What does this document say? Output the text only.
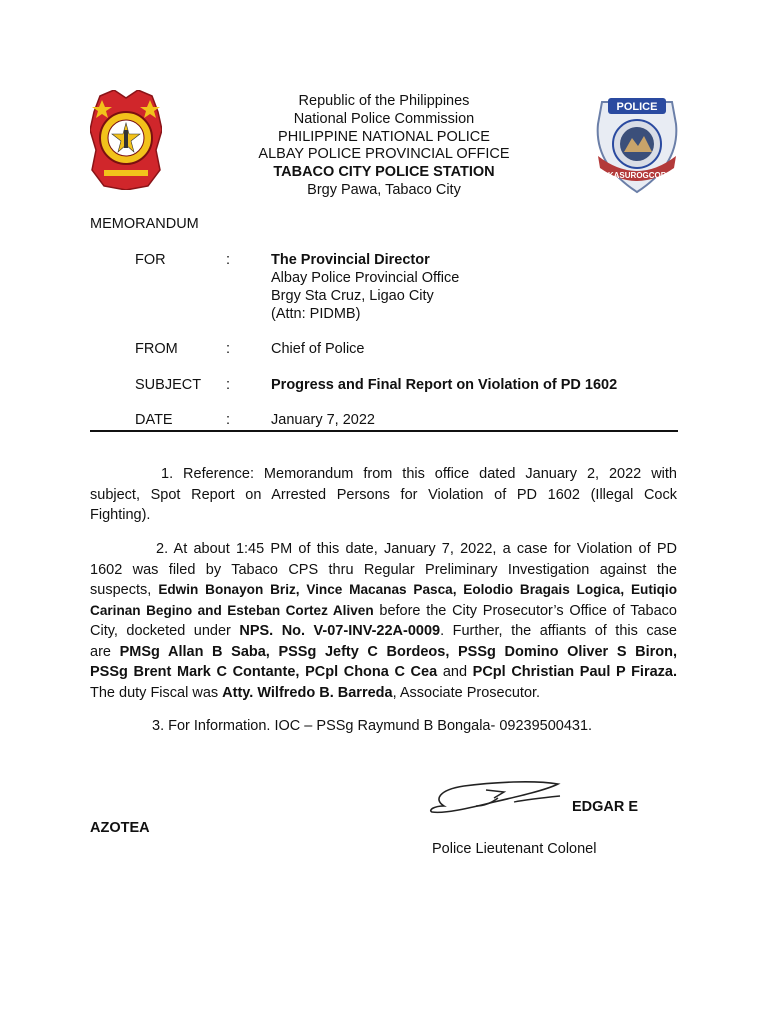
POLICE
KASUROGCOP
Republic of the Philippines
National Police Commission
PHILIPPINE NATIONAL POLICE
ALBAY POLICE PROVINCIAL OFFICE
TABACO CITY POLICE STATION
Brgy Pawa, Tabaco City
MEMORANDUM
FOR	:	The Provincial Director
Albay Police Provincial Office
Brgy Sta Cruz, Ligao City
(Attn: PIDMB)
FROM	:	Chief of Police
SUBJECT	:	Progress and Final Report on Violation of PD 1602
DATE	:	January 7, 2022
1. Reference: Memorandum from this office dated January 2, 2022 with
subject, Spot Report on Arrested Persons for Violation of PD 1602 (Illegal Cock
Fighting).
2. At about 1:45 PM of this date, January 7, 2022, a case for Violation of PD
1602 was filed by Tabaco CPS thru Regular Preliminary Investigation against the
suspects, Edwin Bonayon Briz, Vince Macanas Pasca, Eolodio Bragais Logica, Eutiqio
Carinan Begino and Esteban Cortez Aliven before the City Prosecutor’s Office of Tabaco
City, docketed under NPS. No. V-07-INV-22A-0009. Further, the affiants of this case
are PMSg Allan B Saba, PSSg Jefty C Bordeos, PSSg Domino Oliver S Biron,
PSSg Brent Mark C Contante, PCpl Chona C Cea and PCpl Christian Paul P Firaza.
The duty Fiscal was Atty. Wilfredo B. Barreda, Associate Prosecutor.
3. For Information. IOC – PSSg Raymund B Bongala- 09239500431.
EDGAR E
AZOTEA
Police Lieutenant Colonel
